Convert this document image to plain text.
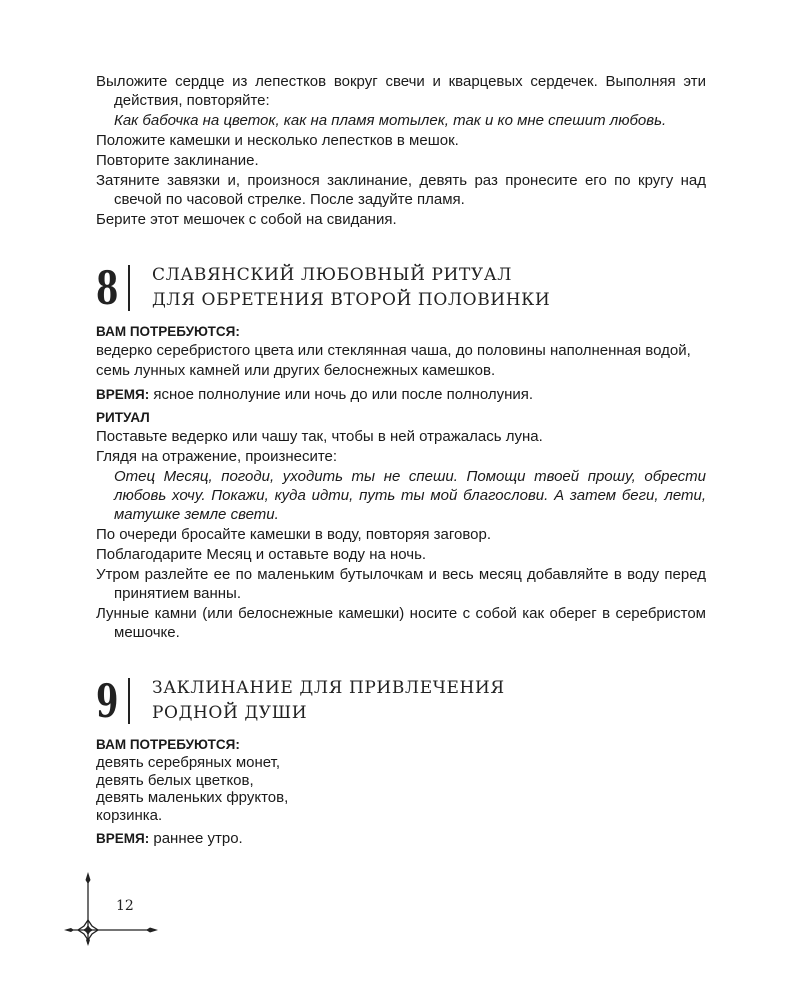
Выложите сердце из лепестков вокруг свечи и кварцевых сердечек. Выполняя эти действия, повторяйте:

Как бабочка на цветок, как на пламя мотылек, так и ко мне спешит любовь.

Положите камешки и несколько лепестков в мешок.

Повторите заклинание.

Затяните завязки и, произнося заклинание, девять раз пронесите его по кругу над свечой по часовой стрелке. После задуйте пламя.

Берите этот мешочек с собой на свидания.

8 СЛАВЯНСКИЙ ЛЮБОВНЫЙ РИТУАЛ
ДЛЯ ОБРЕТЕНИЯ ВТОРОЙ ПОЛОВИНКИ
ВАМ ПОТРЕБУЮТСЯ:

ведерко серебристого цвета или стеклянная чаша, до половины наполненная водой,

семь лунных камней или других белоснежных камешков.

ВРЕМЯ: ясное полнолуние или ночь до или после полнолуния.
РИТУАЛ

Поставьте ведерко или чашу так, чтобы в ней отражалась луна.

Глядя на отражение, произнесите:

Отец Месяц, погоди, уходить ты не спеши. Помощи твоей прошу, обрести любовь хочу. Покажи, куда идти, путь ты мой благослови. А затем беги, лети, матушке земле свети.

По очереди бросайте камешки в воду, повторяя заговор.

Поблагодарите Месяц и оставьте воду на ночь.

Утром разлейте ее по маленьким бутылочкам и весь месяц добавляйте в воду перед принятием ванны.

Лунные камни (или белоснежные камешки) носите с собой как оберег в серебристом мешочке.

9 ЗАКЛИНАНИЕ ДЛЯ ПРИВЛЕЧЕНИЯ
РОДНОЙ ДУШИ
ВАМ ПОТРЕБУЮТСЯ:
девять серебряных монет,
девять белых цветков,
девять маленьких фруктов,
корзинка.
ВРЕМЯ: раннее утро.
12
